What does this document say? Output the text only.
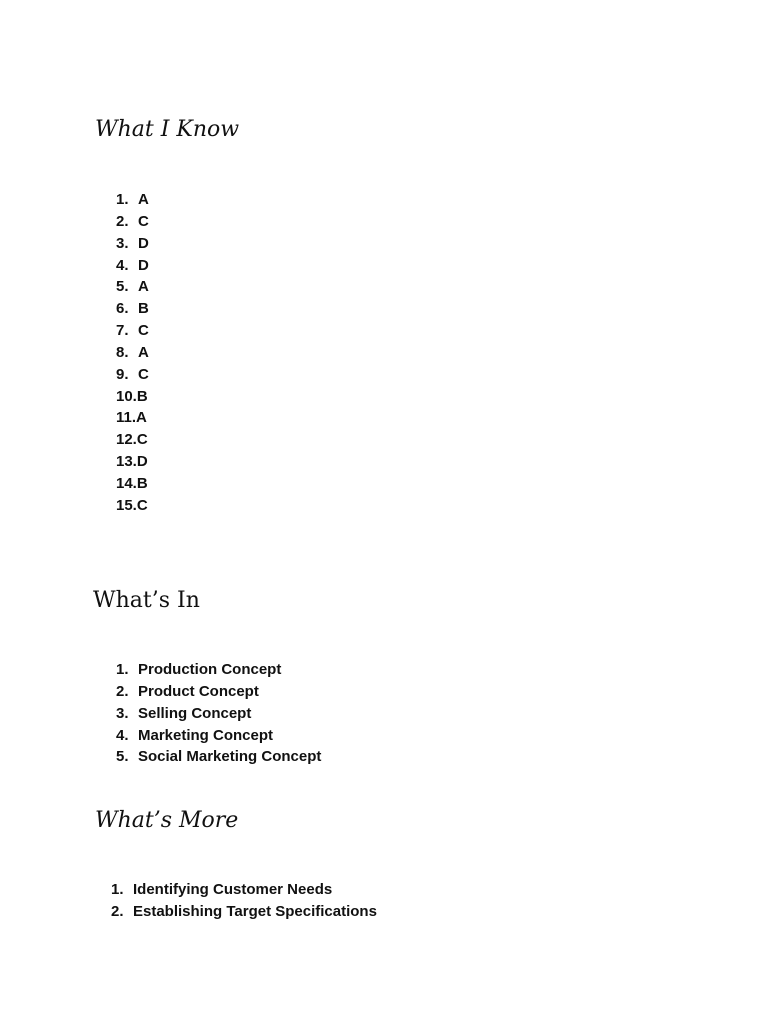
What I Know
1. A
2. C
3. D
4. D
5. A
6. B
7. C
8. A
9. C
10.B
11.A
12.C
13.D
14.B
15.C
What’s In
1. Production Concept
2. Product Concept
3. Selling Concept
4. Marketing Concept
5. Social Marketing Concept
What’s More
1. Identifying Customer Needs
2. Establishing Target Specifications
